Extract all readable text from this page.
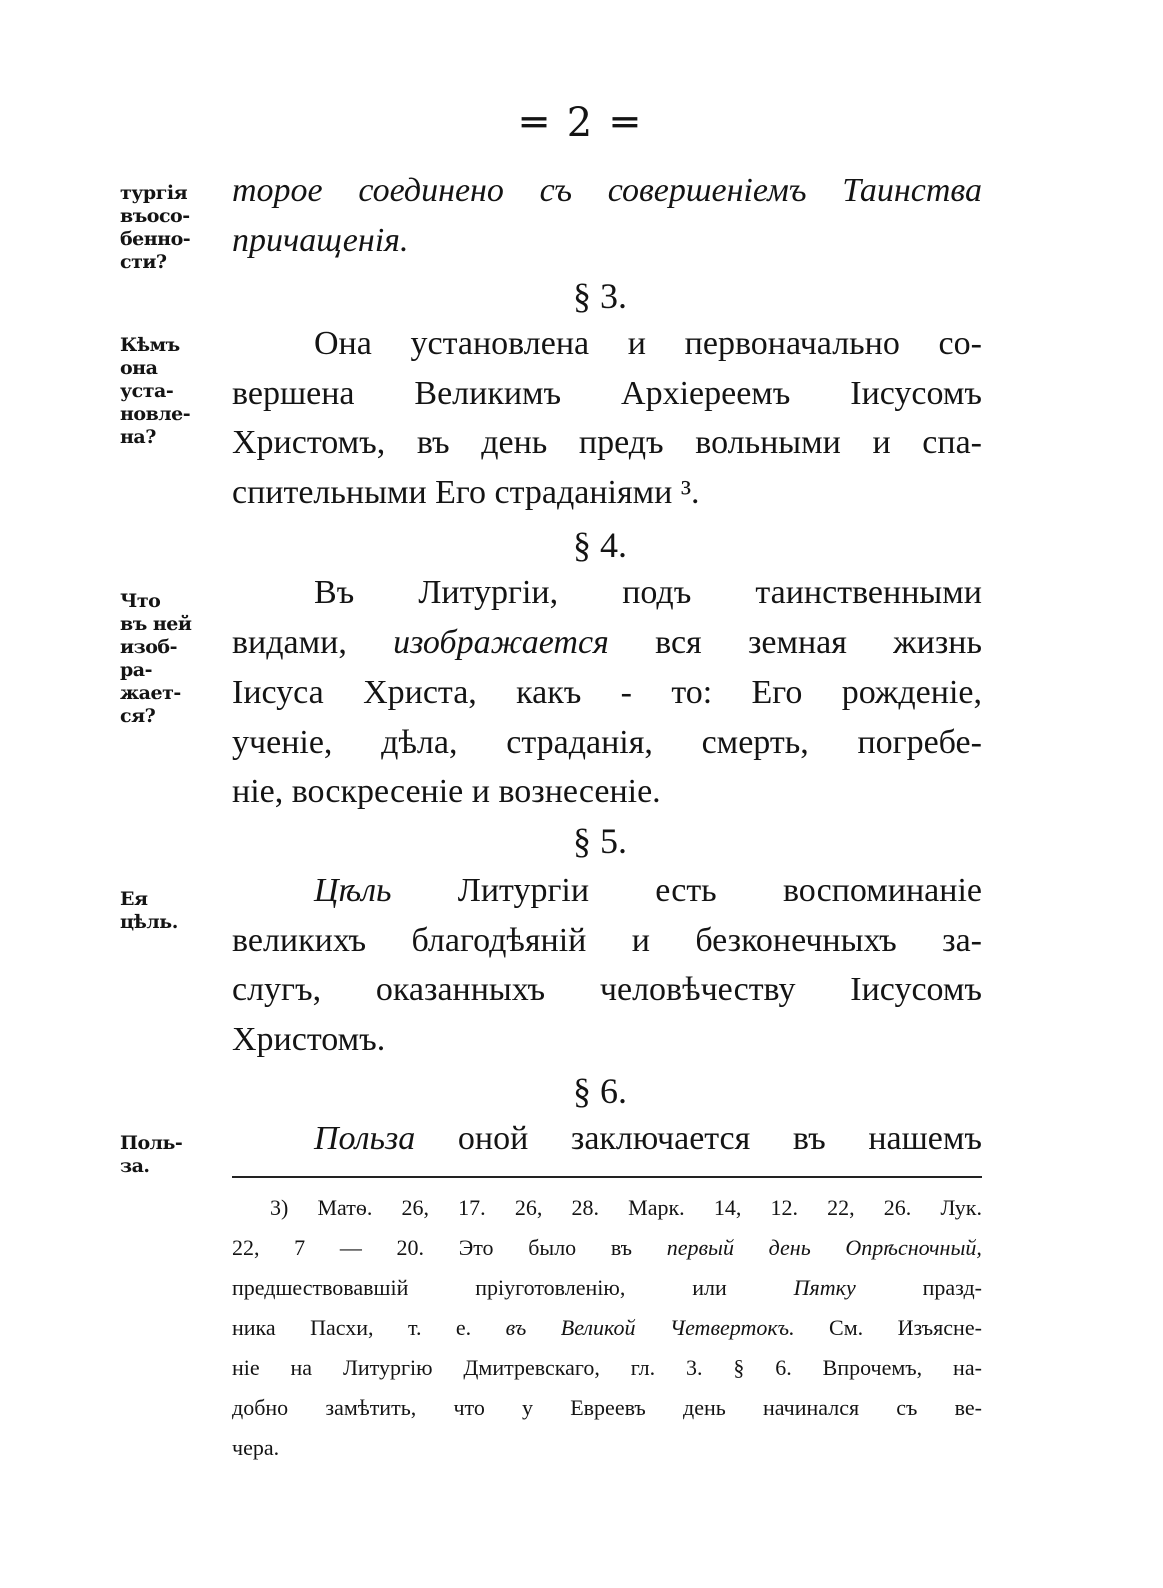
═ 2 ═
тургія
въосо-
бенно-
сти?
Кѣмъ
она
уста-
новле-
на?
Что
въ ней
изоб-
ра-
жает-
ся?
Ея
цѣль.
Поль-
за.
торое соединено съ совершеніемъ Таинства
причащенія.
§ 3.
Она установлена и первоначально со-
вершена Великимъ Архіереемъ Іисусомъ
Христомъ, въ день предъ вольными и спа-
спительными Его страданіями ³.
§ 4.
Въ Литургіи, подъ таинственными
видами, изображается вся земная жизнь
Іисуса Христа, какъ - то: Его рожденіе,
ученіе, дѣла, страданія, смерть, погребе-
ніе, воскресеніе и вознесеніе.
§ 5.
Цѣль Литургіи есть воспоминаніе
великихъ благодѣяній и безконечныхъ за-
слугъ, оказанныхъ человѣчеству Іисусомъ
Христомъ.
§ 6.
Польза оной заключается въ нашемъ
3) Матѳ. 26, 17. 26, 28. Марк. 14, 12. 22, 26. Лук.
22, 7 — 20. Это было въ первый день Опрѣсночный,
предшествовавшій	пріуготовленію,	или	Пятку	празд-
ника Пасхи, т. е. въ Великой Четвертокъ. См. Изъясне-
ніе на Литургію Дмитревскаго, гл. 3. § 6. Впрочемъ, на-
добно замѣтить, что у Евреевъ день начинался съ ве-
чера.
